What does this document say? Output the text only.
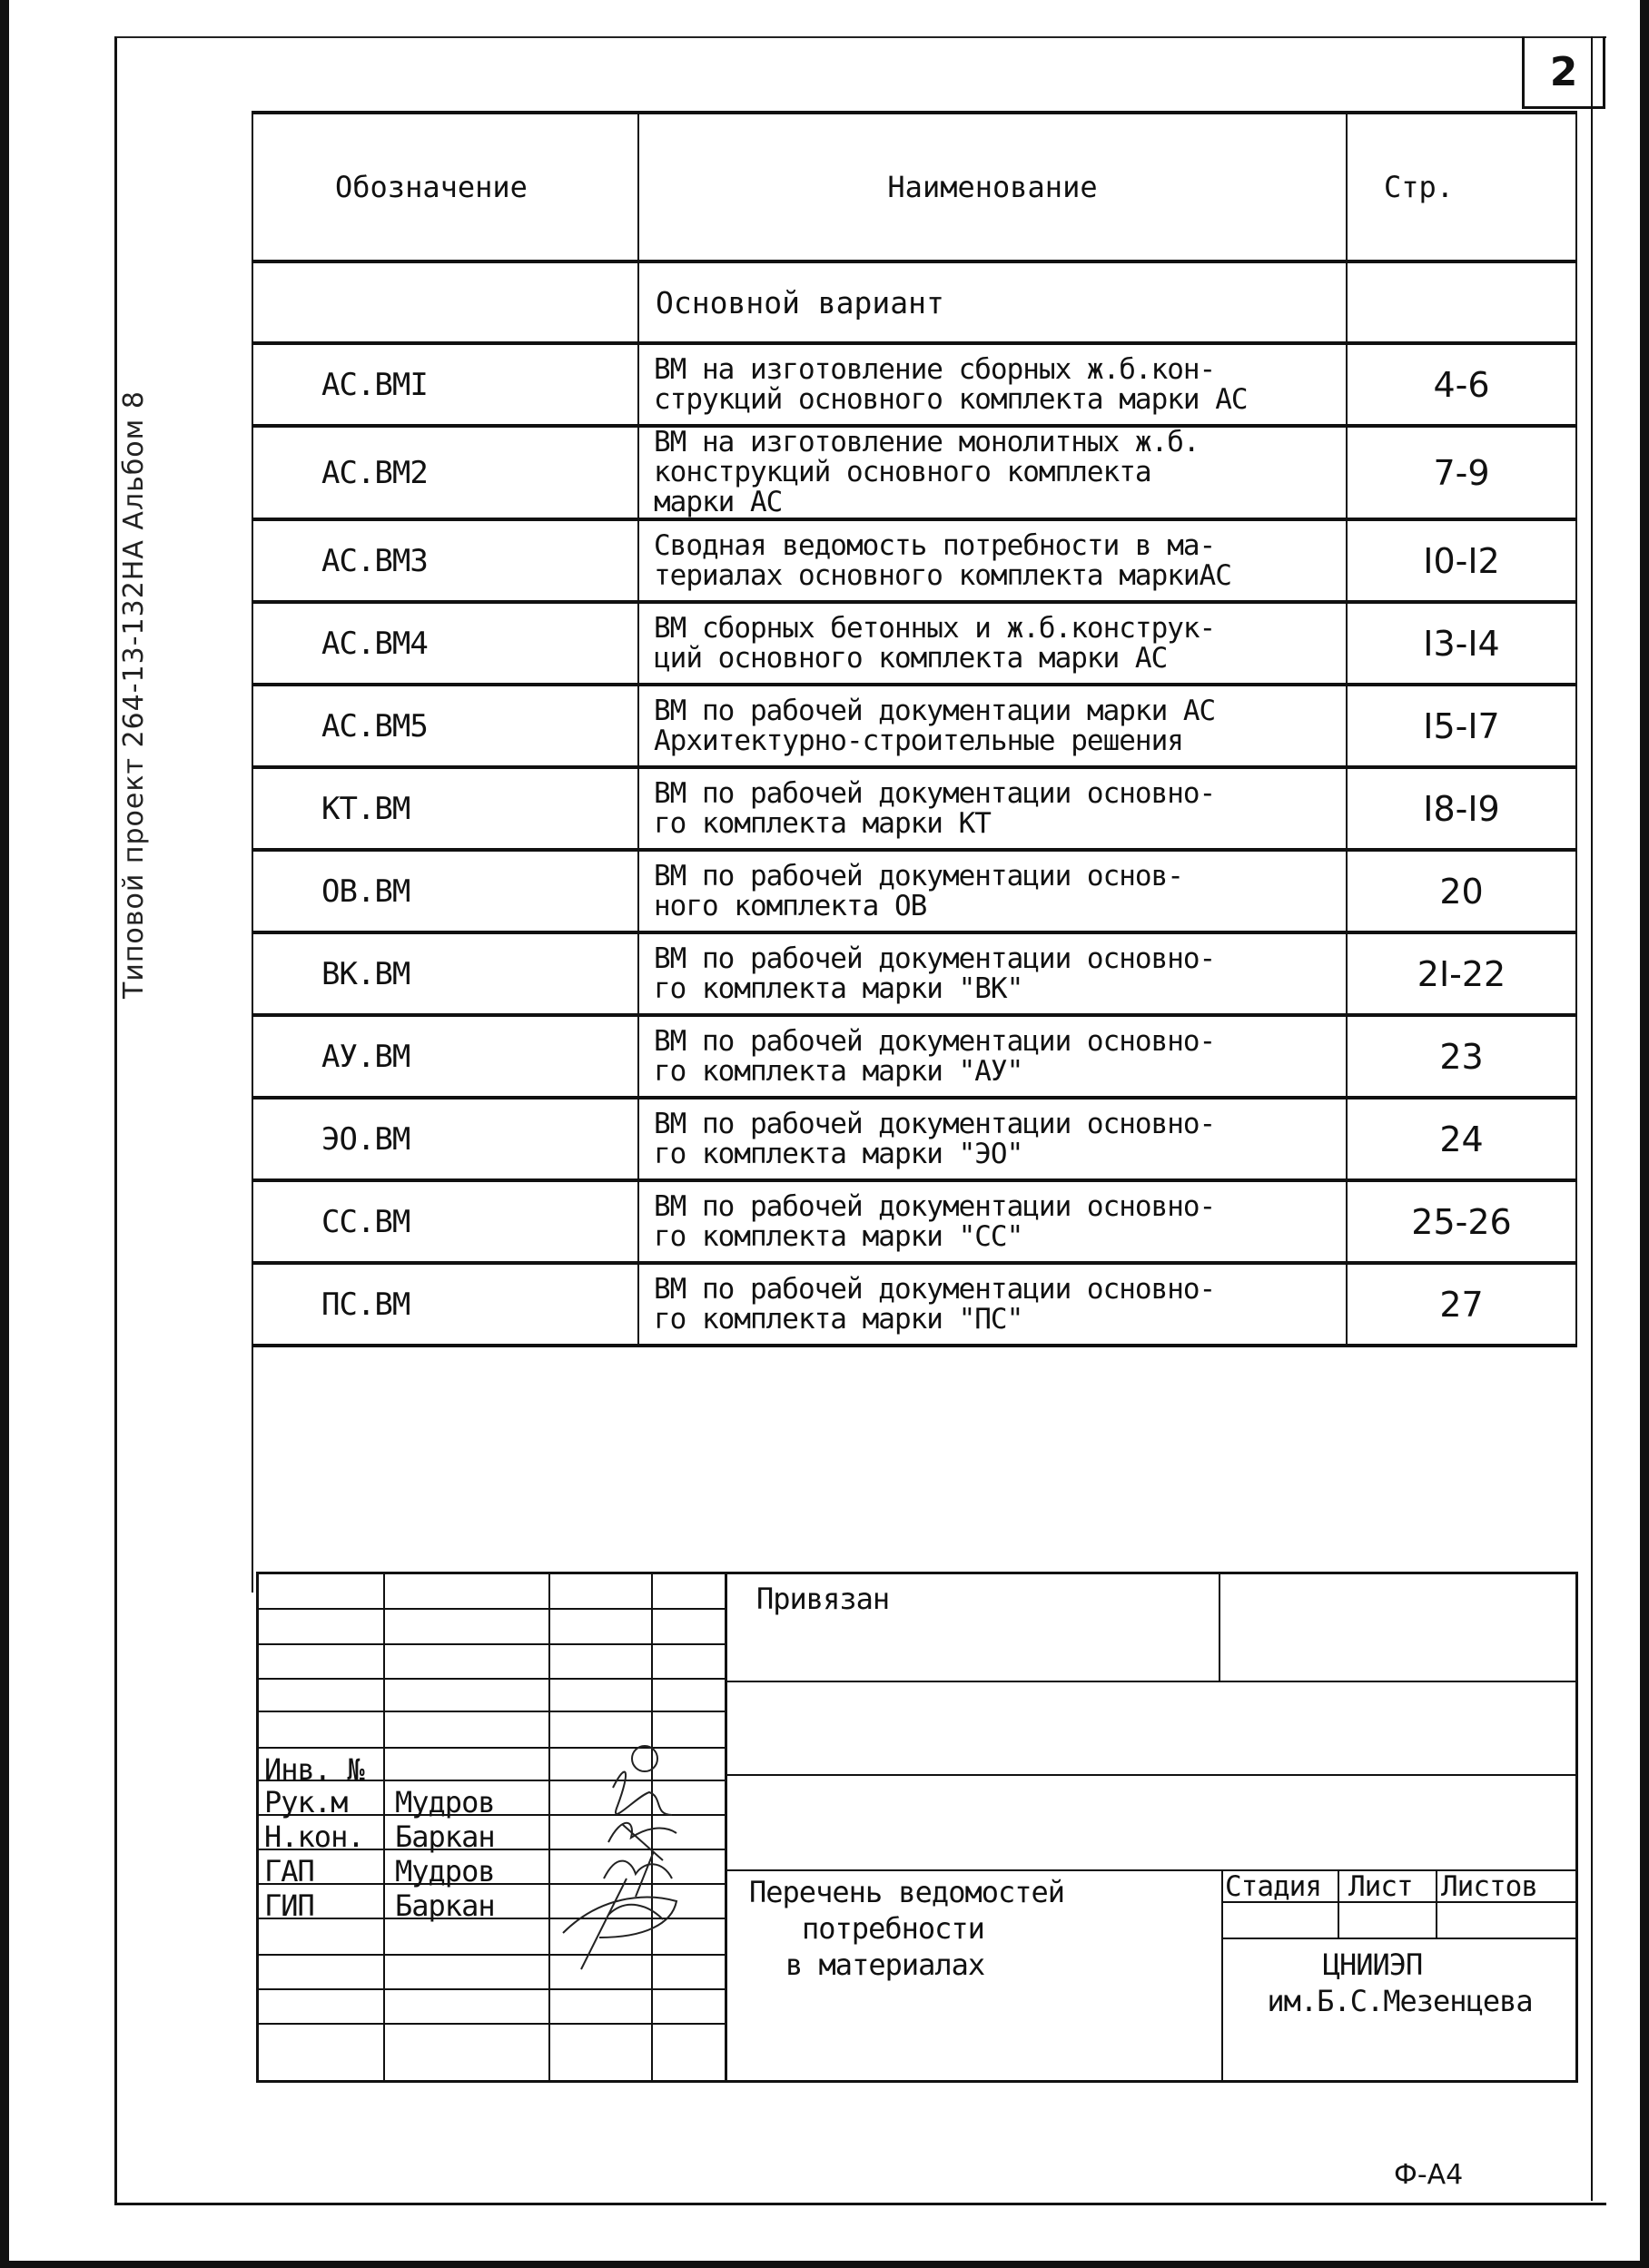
2
Типовой проект 264-13-132НА Альбом 8
Обозначение	Наименование	Стр.
	Основной вариант	
АС.ВМI	ВМ на изготовление сборных ж.б.кон-
струкций основного комплекта марки АС	4-6
АС.ВМ2	ВМ на изготовление монолитных ж.б.
конструкций основного комплекта
марки АС	7-9
АС.ВМ3	Сводная ведомость потребности в ма-
териалах основного комплекта маркиАС	I0-I2
АС.ВМ4	ВМ сборных бетонных и ж.б.конструк-
ций основного комплекта марки АС	I3-I4
АС.ВМ5	ВМ по рабочей документации марки АС
Архитектурно-строительные решения	I5-I7
КТ.ВМ	ВМ по рабочей документации основно-
го комплекта марки КТ	I8-I9
ОВ.ВМ	ВМ по рабочей документации основ-
ного комплекта ОВ	20
ВК.ВМ	ВМ по рабочей документации основно-
го комплекта марки "ВК"	2I-22
АУ.ВМ	ВМ по рабочей документации основно-
го комплекта марки "АУ"	23
ЭО.ВМ	ВМ по рабочей документации основно-
го комплекта марки "ЭО"	24
СС.ВМ	ВМ по рабочей документации основно-
го комплекта марки "СС"	25-26
ПС.ВМ	ВМ по рабочей документации основно-
го комплекта марки "ПС"	27

Привязан
Инв. №
Рук.м Мудров
Н.кон. Баркан
ГАП	Мудров
ГИП	Баркан	Перечень ведомостей
потребности
в материалах
Стадия Лист Листов
ЦНИИЭП
им.Б.С.Мезенцева
Ф-А4
